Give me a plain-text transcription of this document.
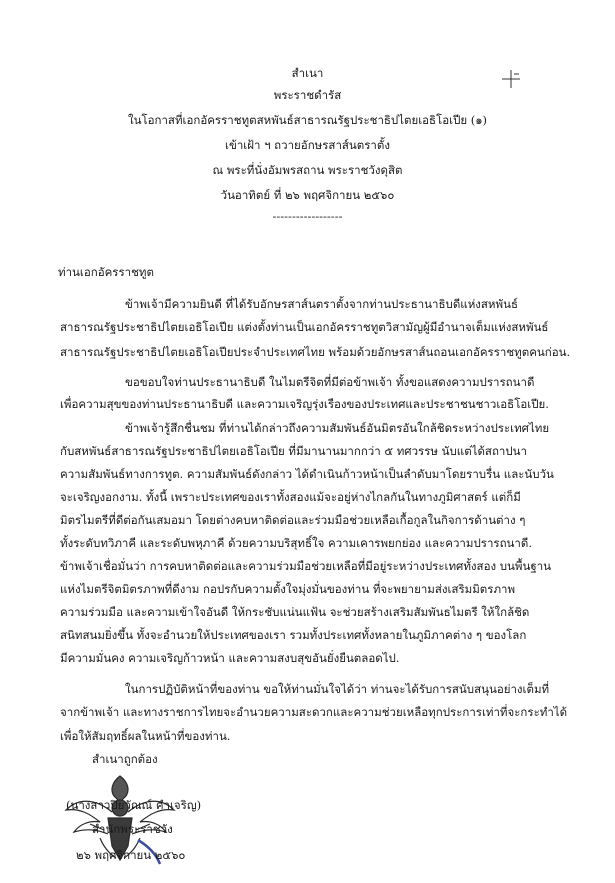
สำเนา
พระราชดำรัส
ในโอกาสที่เอกอัครราชทูตสหพันธ์สาธารณรัฐประชาธิปไตยเอธิโอเปีย (๑)
เข้าเฝ้า ฯ ถวายอักษรสาส์นตราตั้ง
ณ พระที่นั่งอัมพรสถาน พระราชวังดุสิต
วันอาทิตย์ ที่ ๒๖ พฤศจิกายน ๒๕๖๐
------------------
ท่านเอกอัครราชทูต
ข้าพเจ้ามีความยินดี ที่ได้รับอักษรสาส์นตราตั้งจากท่านประธานาธิบดีแห่งสหพันธ์
สาธารณรัฐประชาธิปไตยเอธิโอเปีย แต่งตั้งท่านเป็นเอกอัครราชทูตวิสามัญผู้มีอำนาจเต็มแห่งสหพันธ์
สาธารณรัฐประชาธิปไตยเอธิโอเปียประจำประเทศไทย พร้อมด้วยอักษรสาส์นถอนเอกอัครราชทูตคนก่อน.
ขอขอบใจท่านประธานาธิบดี ในไมตรีจิตที่มีต่อข้าพเจ้า ทั้งขอแสดงความปรารถนาดี
เพื่อความสุขของท่านประธานาธิบดี และความเจริญรุ่งเรืองของประเทศและประชาชนชาวเอธิโอเปีย.
ข้าพเจ้ารู้สึกชื่นชม ที่ท่านได้กล่าวถึงความสัมพันธ์อันมิตรอันใกล้ชิดระหว่างประเทศไทย
กับสหพันธ์สาธารณรัฐประชาธิปไตยเอธิโอเปีย ที่มีมานานมากกว่า ๕ ทศวรรษ นับแต่ได้สถาปนา
ความสัมพันธ์ทางการทูต. ความสัมพันธ์ดังกล่าว ได้ดำเนินก้าวหน้าเป็นลำดับมาโดยราบรื่น และนับวัน
จะเจริญงอกงาม. ทั้งนี้ เพราะประเทศของเราทั้งสองแม้จะอยู่ห่างไกลกันในทางภูมิศาสตร์ แต่ก็มี
มิตรไมตรีที่ดีต่อกันเสมอมา โดยต่างคบหาติดต่อและร่วมมือช่วยเหลือเกื้อกูลในกิจการด้านต่าง ๆ
ทั้งระดับทวิภาคี และระดับพหุภาคี ด้วยความบริสุทธิ์ใจ ความเคารพยกย่อง และความปรารถนาดี.
ข้าพเจ้าเชื่อมั่นว่า การคบหาติดต่อและความร่วมมือช่วยเหลือที่มีอยู่ระหว่างประเทศทั้งสอง บนพื้นฐาน
แห่งไมตรีจิตมิตรภาพที่ดีงาม กอปรกับความตั้งใจมุ่งมั่นของท่าน ที่จะพยายามส่งเสริมมิตรภาพ
ความร่วมมือ และความเข้าใจอันดี ให้กระชับแน่นแฟ้น จะช่วยสร้างเสริมสัมพันธไมตรี ให้ใกล้ชิด
สนิทสนมยิ่งขึ้น ทั้งจะอำนวยให้ประเทศของเรา รวมทั้งประเทศทั้งหลายในภูมิภาคต่าง ๆ ของโลก
มีความมั่นคง ความเจริญก้าวหน้า และความสงบสุขอันยั่งยืนตลอดไป.
ในการปฏิบัติหน้าที่ของท่าน ขอให้ท่านมั่นใจได้ว่า ท่านจะได้รับการสนับสนุนอย่างเต็มที่
จากข้าพเจ้า และทางราชการไทยจะอำนวยความสะดวกและความช่วยเหลือทุกประการเท่าที่จะกระทำได้
เพื่อให้สัมฤทธิ์ผลในหน้าที่ของท่าน.
สำเนาถูกต้อง
(นางสาวปิยวัณณ์ คำเจริญ)
สำนักพระราชวัง
๒๖ พฤศจิกายน ๒๕๖๐
